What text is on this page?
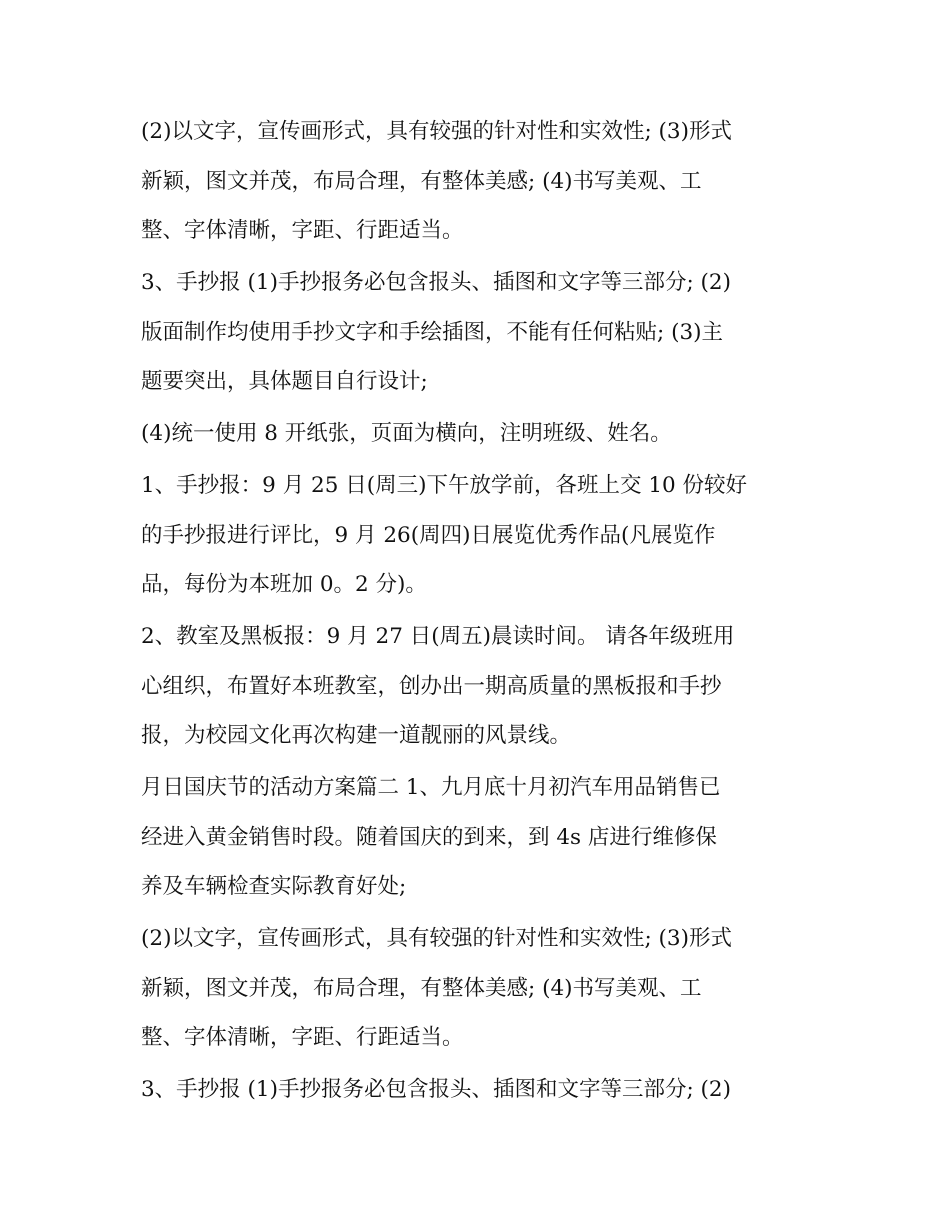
(2)以文字，宣传画形式，具有较强的针对性和实效性; (3)形式
新颖，图文并茂，布局合理，有整体美感; (4)书写美观、工
整、字体清晰，字距、行距适当。
3、手抄报 (1)手抄报务必包含报头、插图和文字等三部分; (2)
版面制作均使用手抄文字和手绘插图，不能有任何粘贴; (3)主
题要突出，具体题目自行设计;
(4)统一使用 8 开纸张，页面为横向，注明班级、姓名。
1、手抄报：9 月 25 日(周三)下午放学前，各班上交 10 份较好
的手抄报进行评比，9 月 26(周四)日展览优秀作品(凡展览作
品，每份为本班加 0。2 分)。
2、教室及黑板报：9 月 27 日(周五)晨读时间。 请各年级班用
心组织，布置好本班教室，创办出一期高质量的黑板报和手抄
报，为校园文化再次构建一道靓丽的风景线。
月日国庆节的活动方案篇二 1、九月底十月初汽车用品销售已
经进入黄金销售时段。随着国庆的到来，到 4s 店进行维修保
养及车辆检查实际教育好处;
(2)以文字，宣传画形式，具有较强的针对性和实效性; (3)形式
新颖，图文并茂，布局合理，有整体美感; (4)书写美观、工
整、字体清晰，字距、行距适当。
3、手抄报 (1)手抄报务必包含报头、插图和文字等三部分; (2)
